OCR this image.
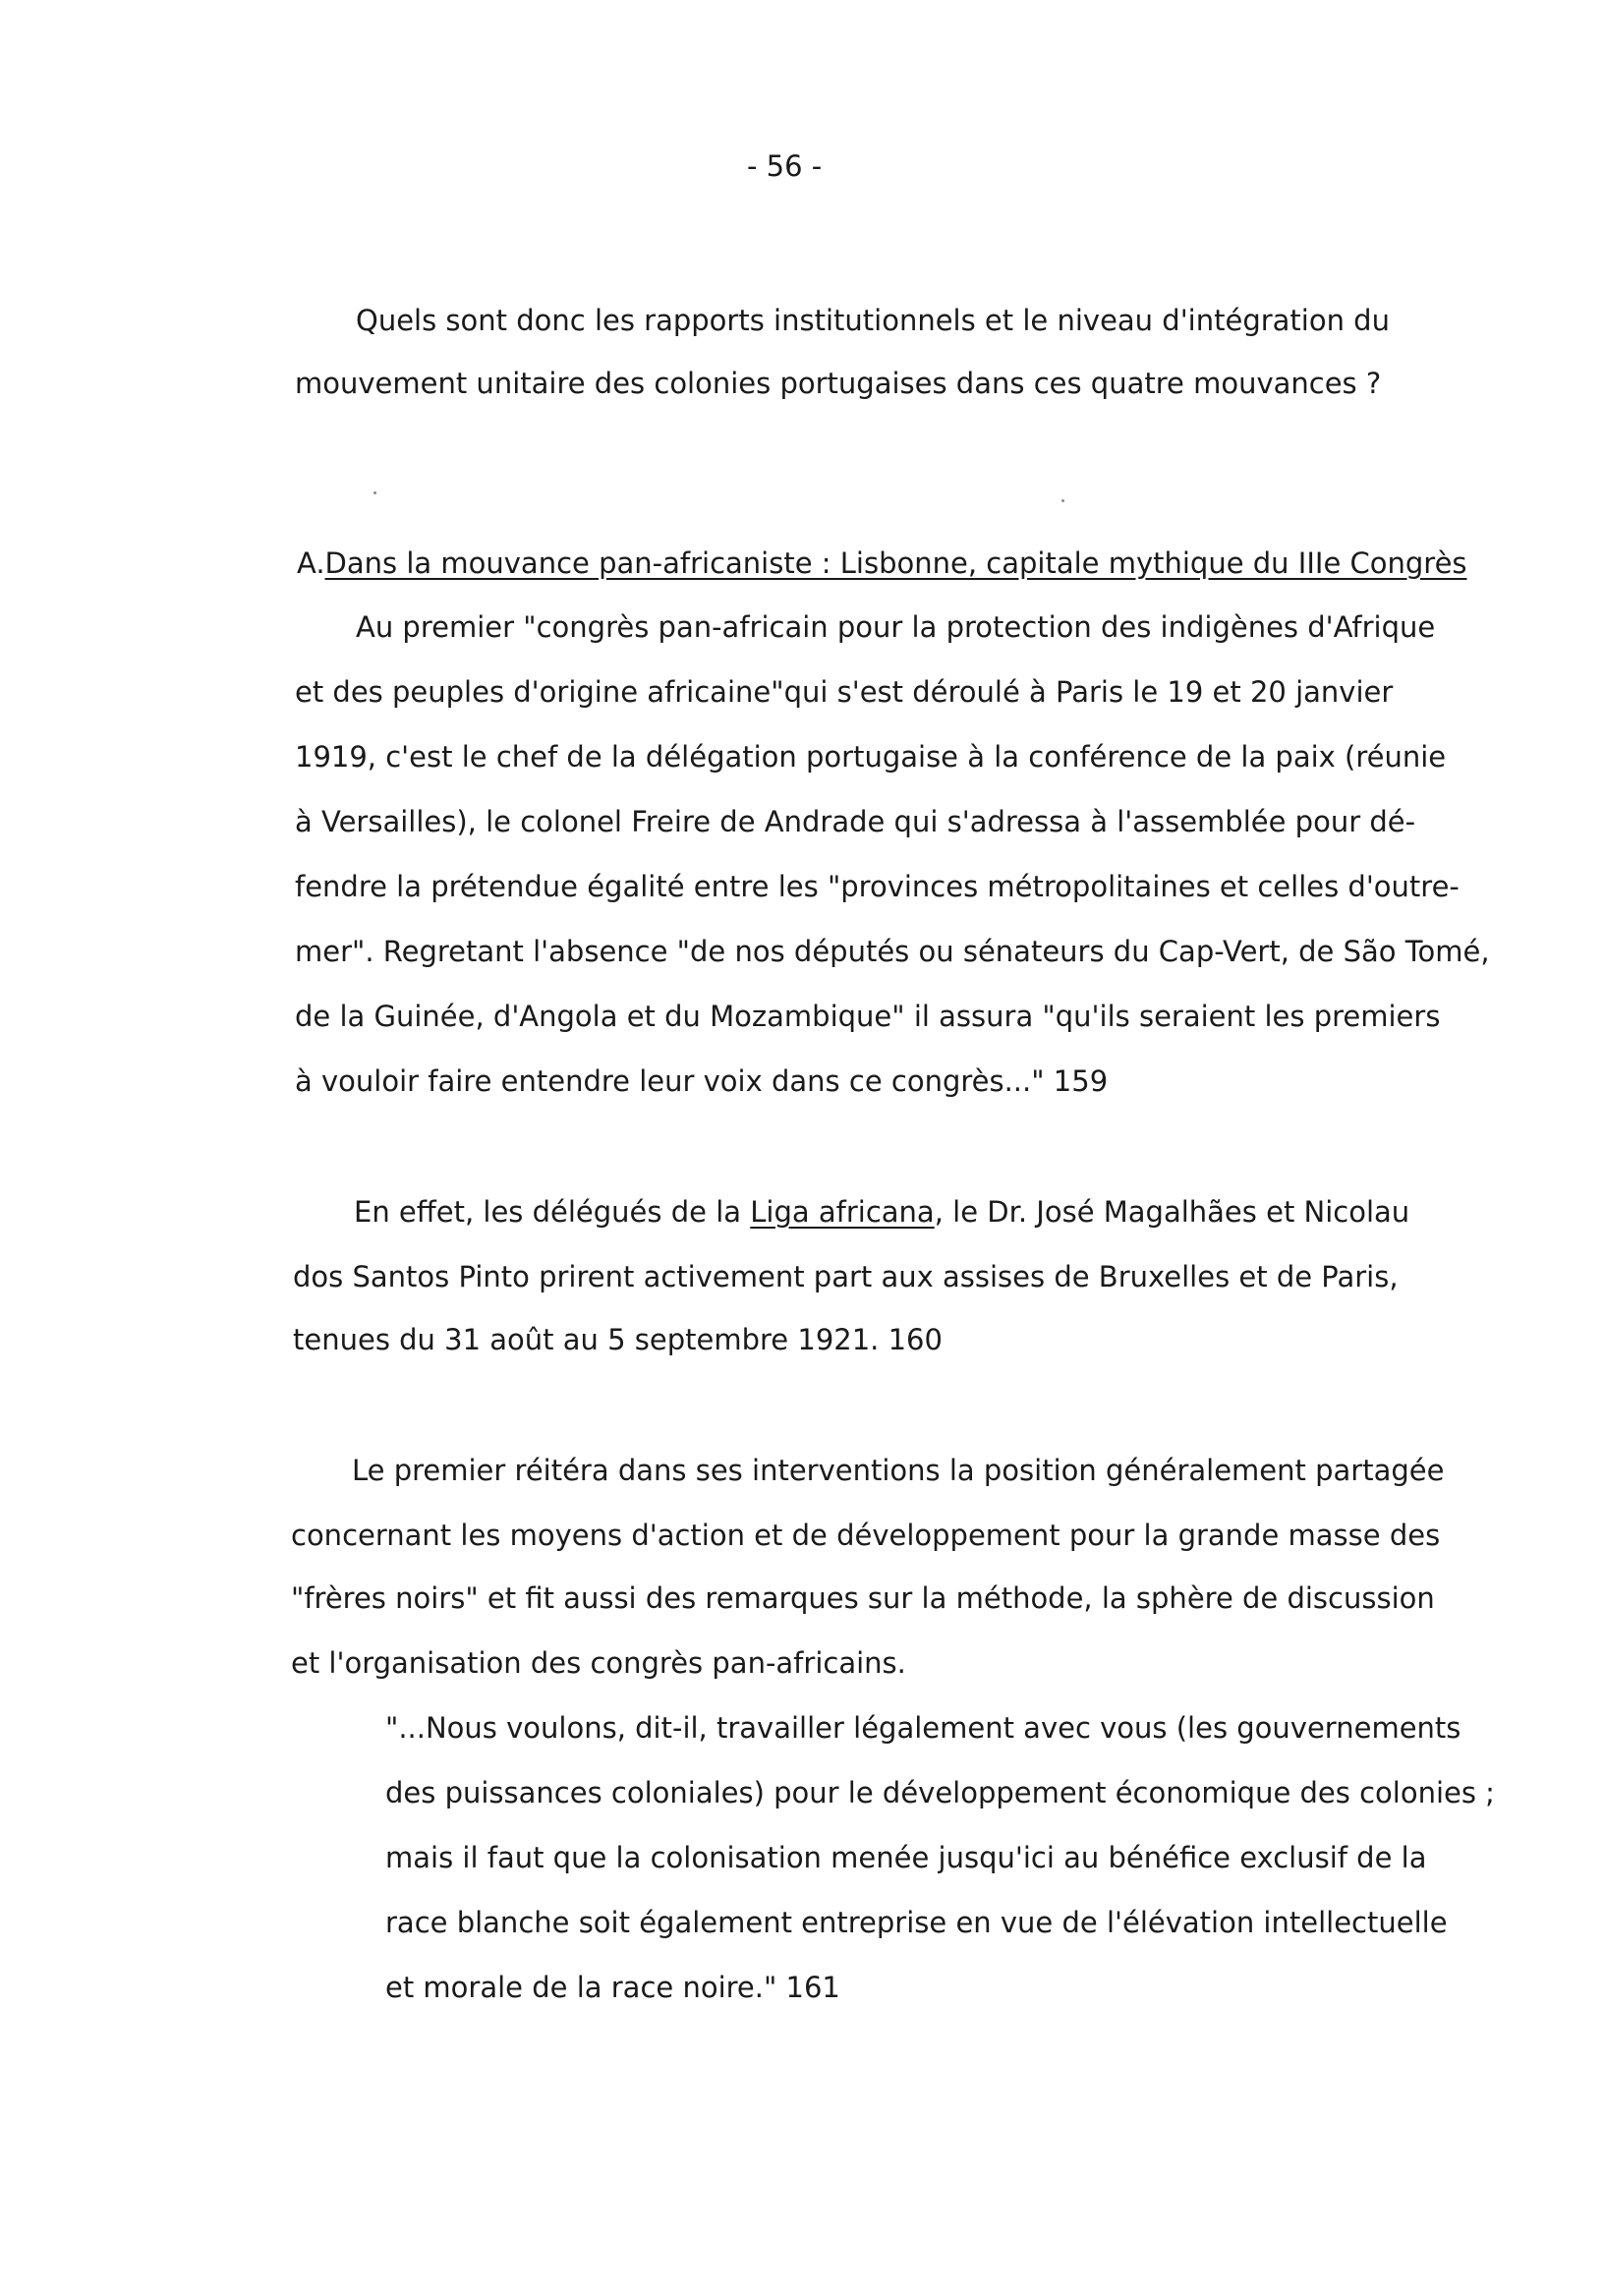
- 56 -
Quels sont donc les rapports institutionnels et le niveau d'intégration du
mouvement unitaire des colonies portugaises dans ces quatre mouvances ?
A.Dans la mouvance pan-africaniste : Lisbonne, capitale mythique du IIIe Congrès
Au premier "congrès pan-africain pour la protection des indigènes d'Afrique
et des peuples d'origine africaine"qui s'est déroulé à Paris le 19 et 20 janvier
1919, c'est le chef de la délégation portugaise à la conférence de la paix (réunie
à Versailles), le colonel Freire de Andrade qui s'adressa à l'assemblée pour dé-
fendre la prétendue égalité entre les "provinces métropolitaines et celles d'outre-
mer". Regretant l'absence "de nos députés ou sénateurs du Cap-Vert, de São Tomé,
de la Guinée, d'Angola et du Mozambique" il assura "qu'ils seraient les premiers
à vouloir faire entendre leur voix dans ce congrès..." 159
En effet, les délégués de la Liga africana, le Dr. José Magalhães et Nicolau
dos Santos Pinto prirent activement part aux assises de Bruxelles et de Paris,
tenues du 31 août au 5 septembre 1921. 160
Le premier réitéra dans ses interventions la position généralement partagée
concernant les moyens d'action et de développement pour la grande masse des
"frères noirs" et fit aussi des remarques sur la méthode, la sphère de discussion
et l'organisation des congrès pan-africains.
"...Nous voulons, dit-il, travailler légalement avec vous (les gouvernements
des puissances coloniales) pour le développement économique des colonies ;
mais il faut que la colonisation menée jusqu'ici au bénéfice exclusif de la
race blanche soit également entreprise en vue de l'élévation intellectuelle
et morale de la race noire." 161
